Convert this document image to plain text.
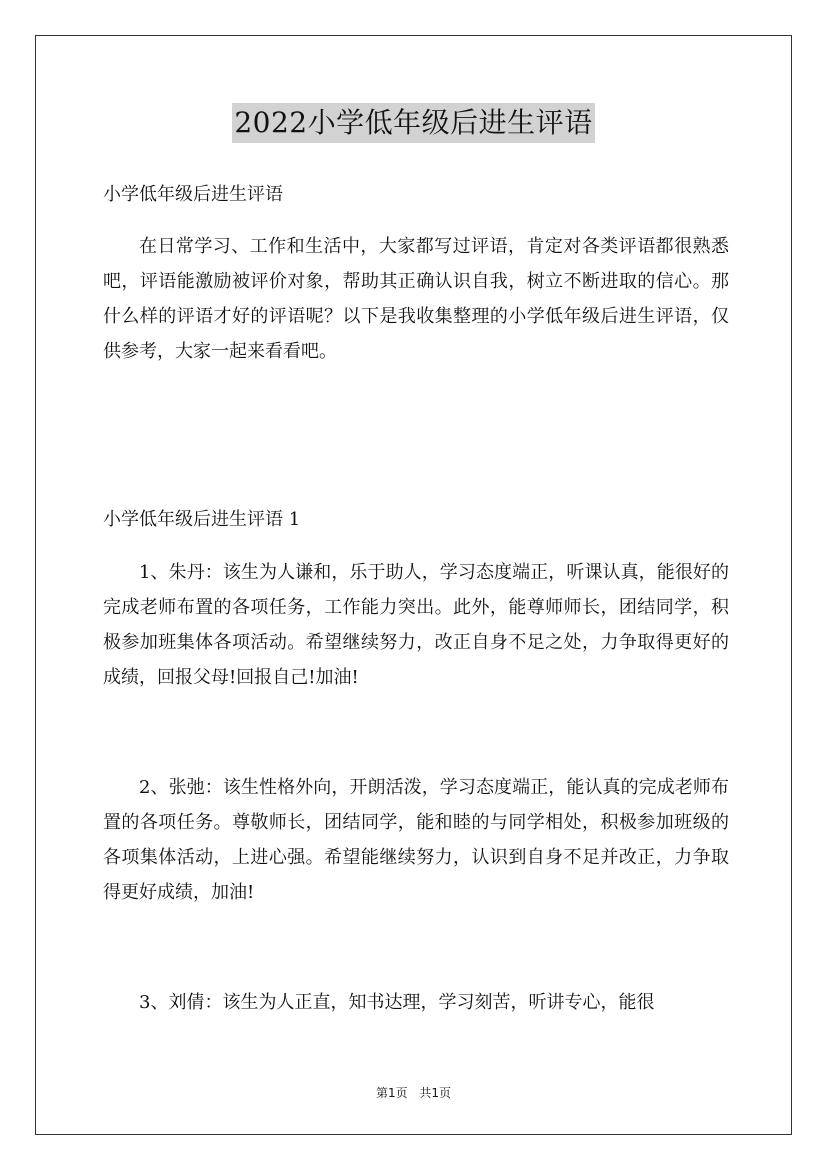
2022小学低年级后进生评语
小学低年级后进生评语
在日常学习、工作和生活中，大家都写过评语，肯定对各类评语都很熟悉吧，评语能激励被评价对象，帮助其正确认识自我，树立不断进取的信心。那什么样的评语才好的评语呢？以下是我收集整理的小学低年级后进生评语，仅供参考，大家一起来看看吧。
小学低年级后进生评语 1
1、朱丹：该生为人谦和，乐于助人，学习态度端正，听课认真，能很好的完成老师布置的各项任务，工作能力突出。此外，能尊师师长，团结同学，积极参加班集体各项活动。希望继续努力，改正自身不足之处，力争取得更好的成绩，回报父母!回报自己!加油!
2、张弛：该生性格外向，开朗活泼，学习态度端正，能认真的完成老师布置的各项任务。尊敬师长，团结同学，能和睦的与同学相处，积极参加班级的各项集体活动，上进心强。希望能继续努力，认识到自身不足并改正，力争取得更好成绩，加油!
3、刘倩：该生为人正直，知书达理，学习刻苦，听讲专心，能很
第1页 共1页
